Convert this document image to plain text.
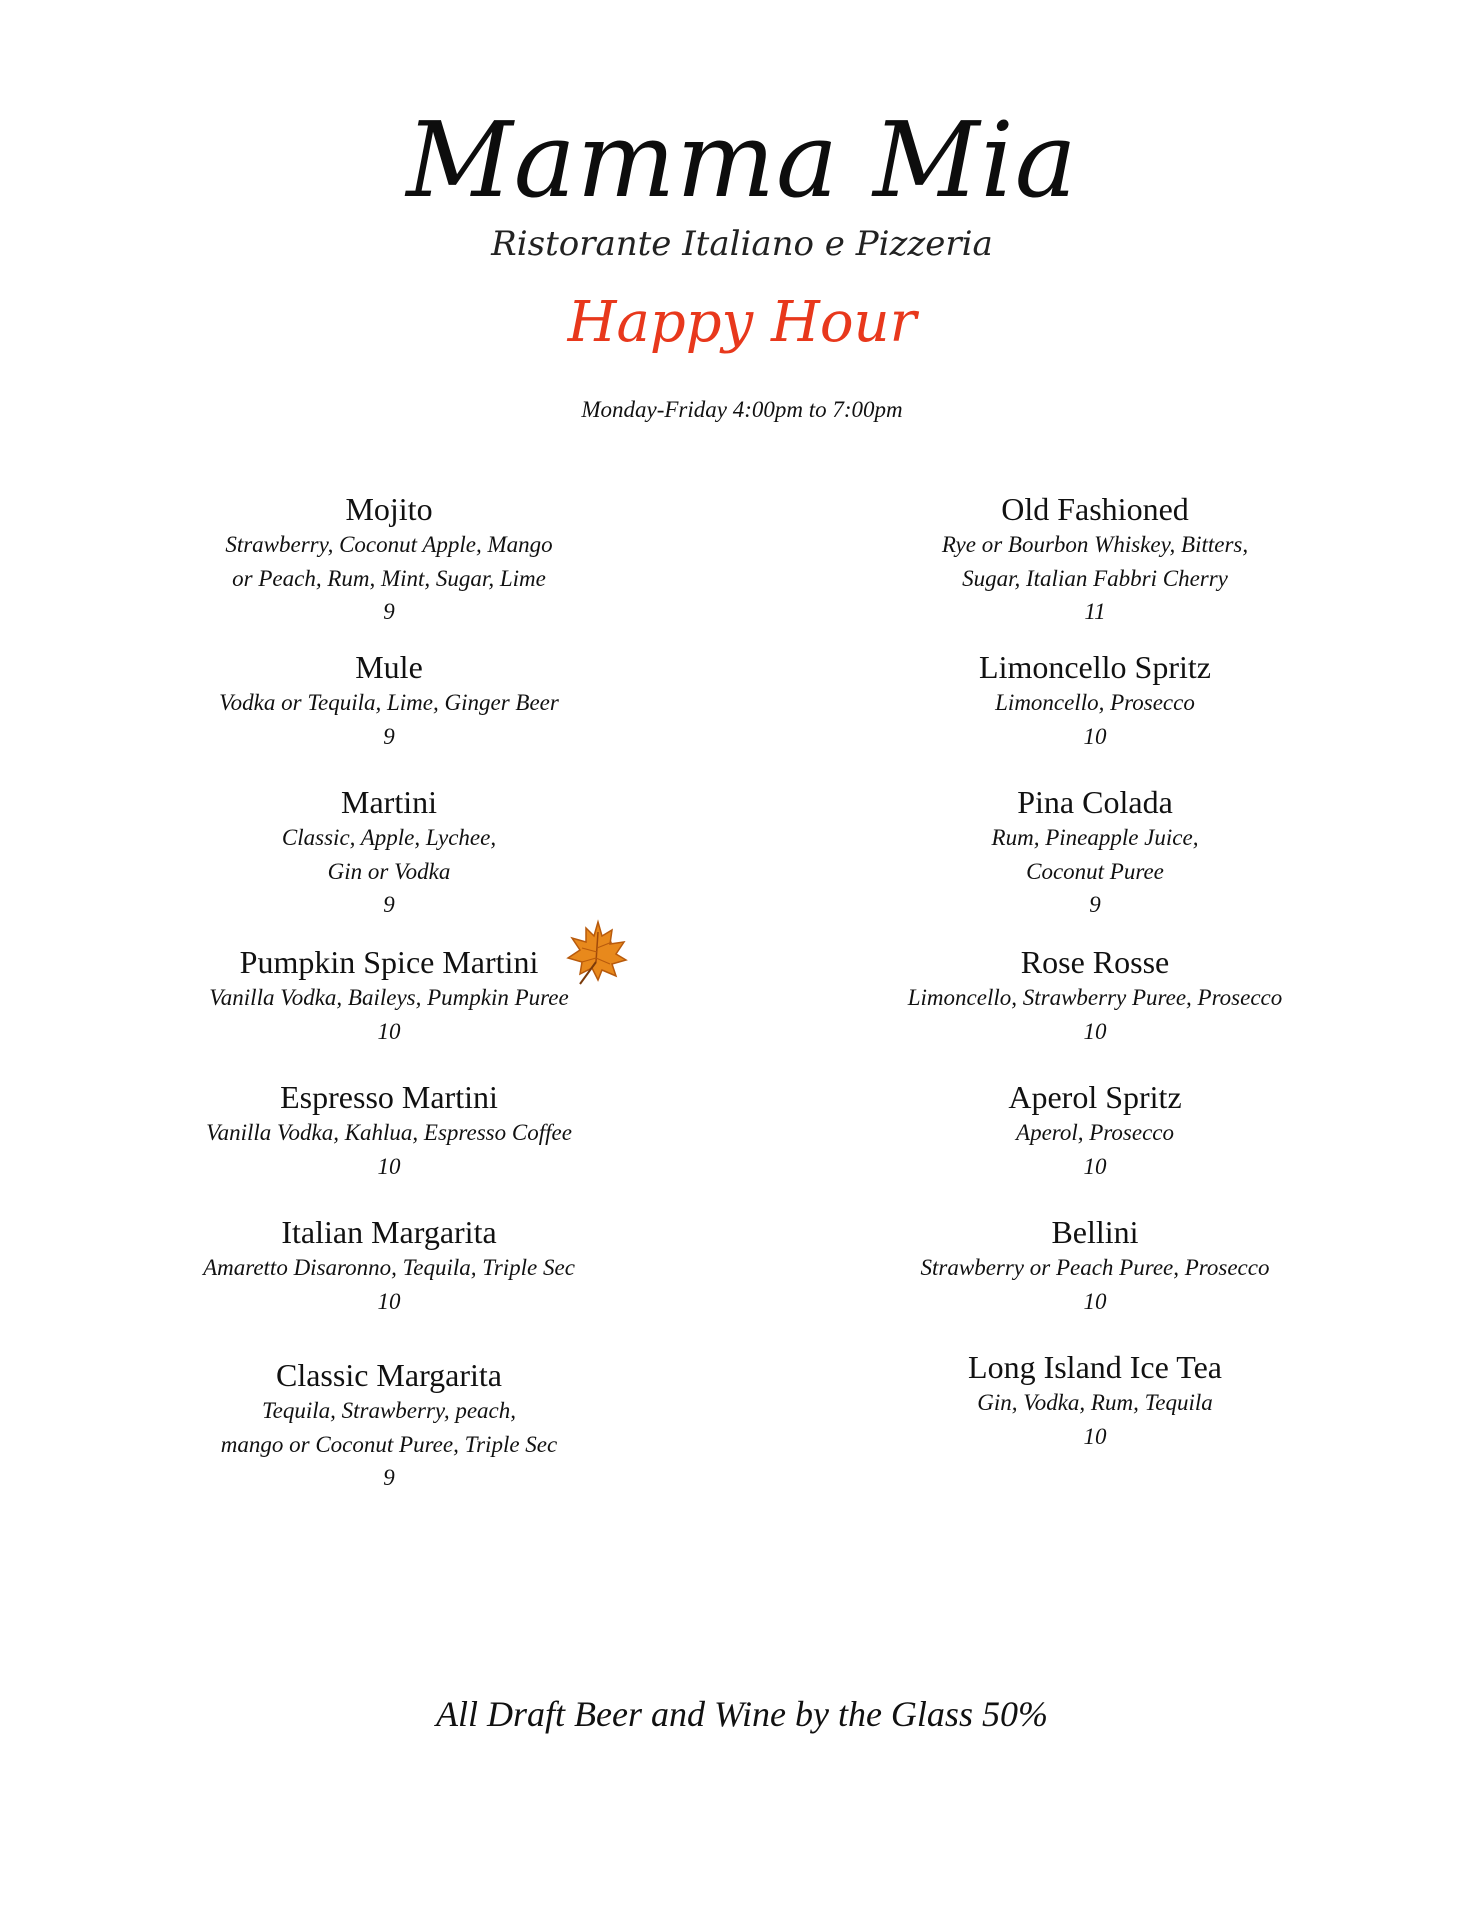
Mamma Mia
Ristorante Italiano e Pizzeria
Happy Hour
Monday-Friday 4:00pm to 7:00pm
Mojito
Strawberry, Coconut Apple, Mango
or Peach, Rum, Mint, Sugar, Lime
9
Mule
Vodka or Tequila, Lime, Ginger Beer
9
Martini
Classic, Apple, Lychee,
Gin or Vodka
9
Pumpkin Spice Martini
Vanilla Vodka, Baileys, Pumpkin Puree
10
Espresso Martini
Vanilla Vodka, Kahlua, Espresso Coffee
10
Italian Margarita
Amaretto Disaronno, Tequila, Triple Sec
10
Classic Margarita
Tequila, Strawberry, peach,
mango or Coconut Puree, Triple Sec
9
Old Fashioned
Rye or Bourbon Whiskey, Bitters,
Sugar, Italian Fabbri Cherry
11
Limoncello Spritz
Limoncello, Prosecco
10
Pina Colada
Rum, Pineapple Juice,
Coconut Puree
9
Rose Rosse
Limoncello, Strawberry Puree, Prosecco
10
Aperol Spritz
Aperol, Prosecco
10
Bellini
Strawberry or Peach Puree, Prosecco
10
Long Island Ice Tea
Gin, Vodka, Rum, Tequila
10
All Draft Beer and Wine by the Glass 50%
